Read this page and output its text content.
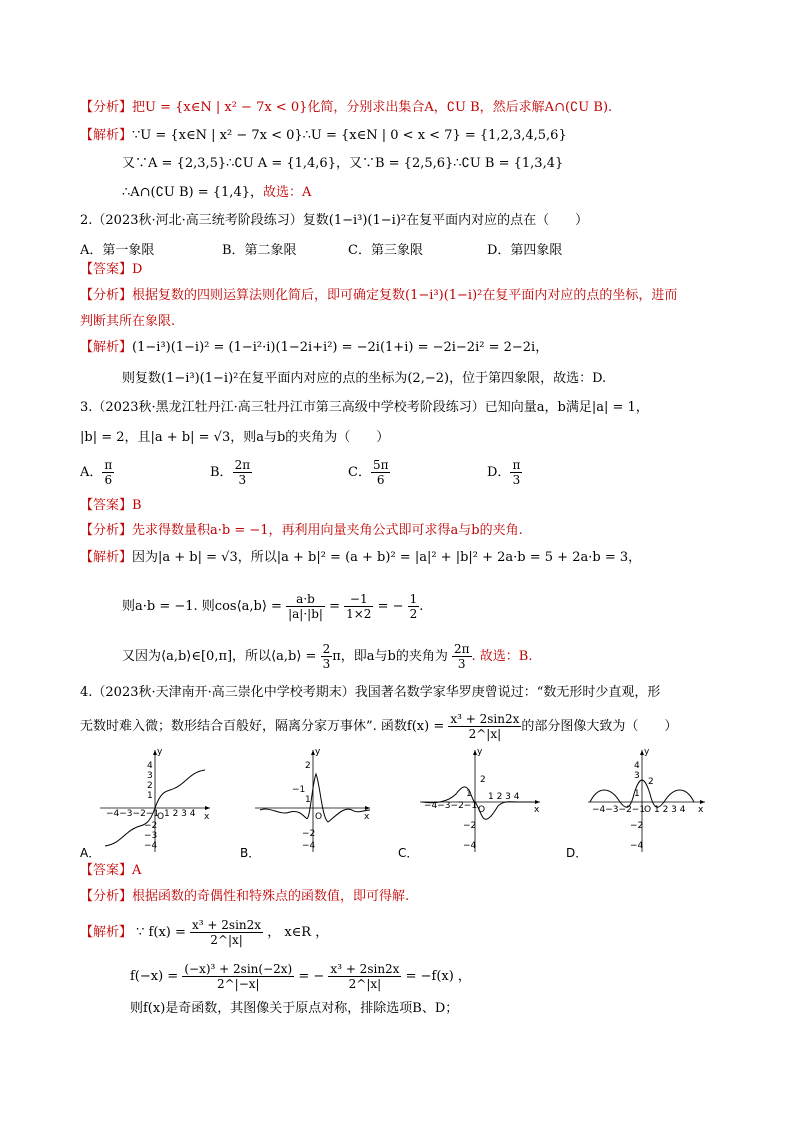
【分析】把U = {x∈N | x² − 7x < 0}化简，分别求出集合A，∁U B，然后求解A∩(∁U B).
【解析】∵U = {x∈N | x² − 7x < 0}∴U = {x∈N | 0 < x < 7} = {1,2,3,4,5,6}
又∵A = {2,3,5}∴∁U A = {1,4,6}，又∵B = {2,5,6}∴∁U B = {1,3,4}
∴A∩(∁U B) = {1,4}，故选：A
2.（2023秋·河北·高三统考阶段练习）复数(1−i³)(1−i)²在复平面内对应的点在（　　）
A．第一象限	B．第二象限	C．第三象限	D．第四象限
【答案】D
【分析】根据复数的四则运算法则化简后，即可确定复数(1−i³)(1−i)²在复平面内对应的点的坐标，进而
判断其所在象限.
【解析】(1−i³)(1−i)² = (1−i²·i)(1−2i+i²) = −2i(1+i) = −2i−2i² = 2−2i，
则复数(1−i³)(1−i)²在复平面内对应的点的坐标为(2,−2)，位于第四象限，故选：D.
3.（2023秋·黑龙江牡丹江·高三牡丹江市第三高级中学校考阶段练习）已知向量a，b满足|a| = 1，
|b| = 2，且|a + b| = √3，则a与b的夹角为（　　）
A． $\frac{\pi}{6}$	B． $\frac{2\pi}{3}$	C． $\frac{5\pi}{6}$	D． $\frac{\pi}{3}$
【答案】B
【分析】先求得数量积a·b = −1，再利用向量夹角公式即可求得a与b的夹角.
【解析】因为|a + b| = √3，所以|a + b|² = (a + b)² = |a|² + |b|² + 2a·b = 5 + 2a·b = 3，
则a·b = −1. 则cos⟨a,b⟩ = $\frac{a\cdot b}{|a|\cdot|b|} = \frac{-1}{1\times 2}$ = − $\frac{1}{2}$ .
又因为⟨a,b⟩∈[0,π]，所以⟨a,b⟩ = $\frac{2}{3}$ π，即a与b的夹角为 $\frac{2\pi}{3}$ . 故选：B.
4.（2023秋·天津南开·高三崇化中学校考期末）我国著名数学家华罗庚曾说过：“数无形时少直观，形
无数时难入微；数形结合百般好，隔离分家万事休”. 函数$f(x) = \frac{\text{x³ + 2sin2x}}{2\^{}|x|}$ 的部分图像大致为（　　）
y
x
O
−4−3−2−1 1 2 3 4
4
3
2
1
−2
−3
−4
A．
y
x
O
2
−1
1
−2
−4
B．
y
x
O
−4−3−2−1
1 2 3 4
2
1
−2
−4
C．
y
x
O
−4−3−2−1 1 2 3 4
4
3
2
1
−2
−4
D．
【答案】A
【分析】根据函数的奇偶性和特殊点的函数值，即可得解.
【解析】 ∵ $f(x) = \frac{\text{x³ + 2sin2x}}{2\^{}|x|}$ ， x∈R ，
$f(-x) = \frac{\text{(−x)³ + 2sin(−2x)}}{2\^{}|-x|}$ = − $\frac{\text{x³ + 2sin2x}}{2\^{}|x|} = -f(x)$ ，
则f(x)是奇函数，其图像关于原点对称，排除选项B、D；
